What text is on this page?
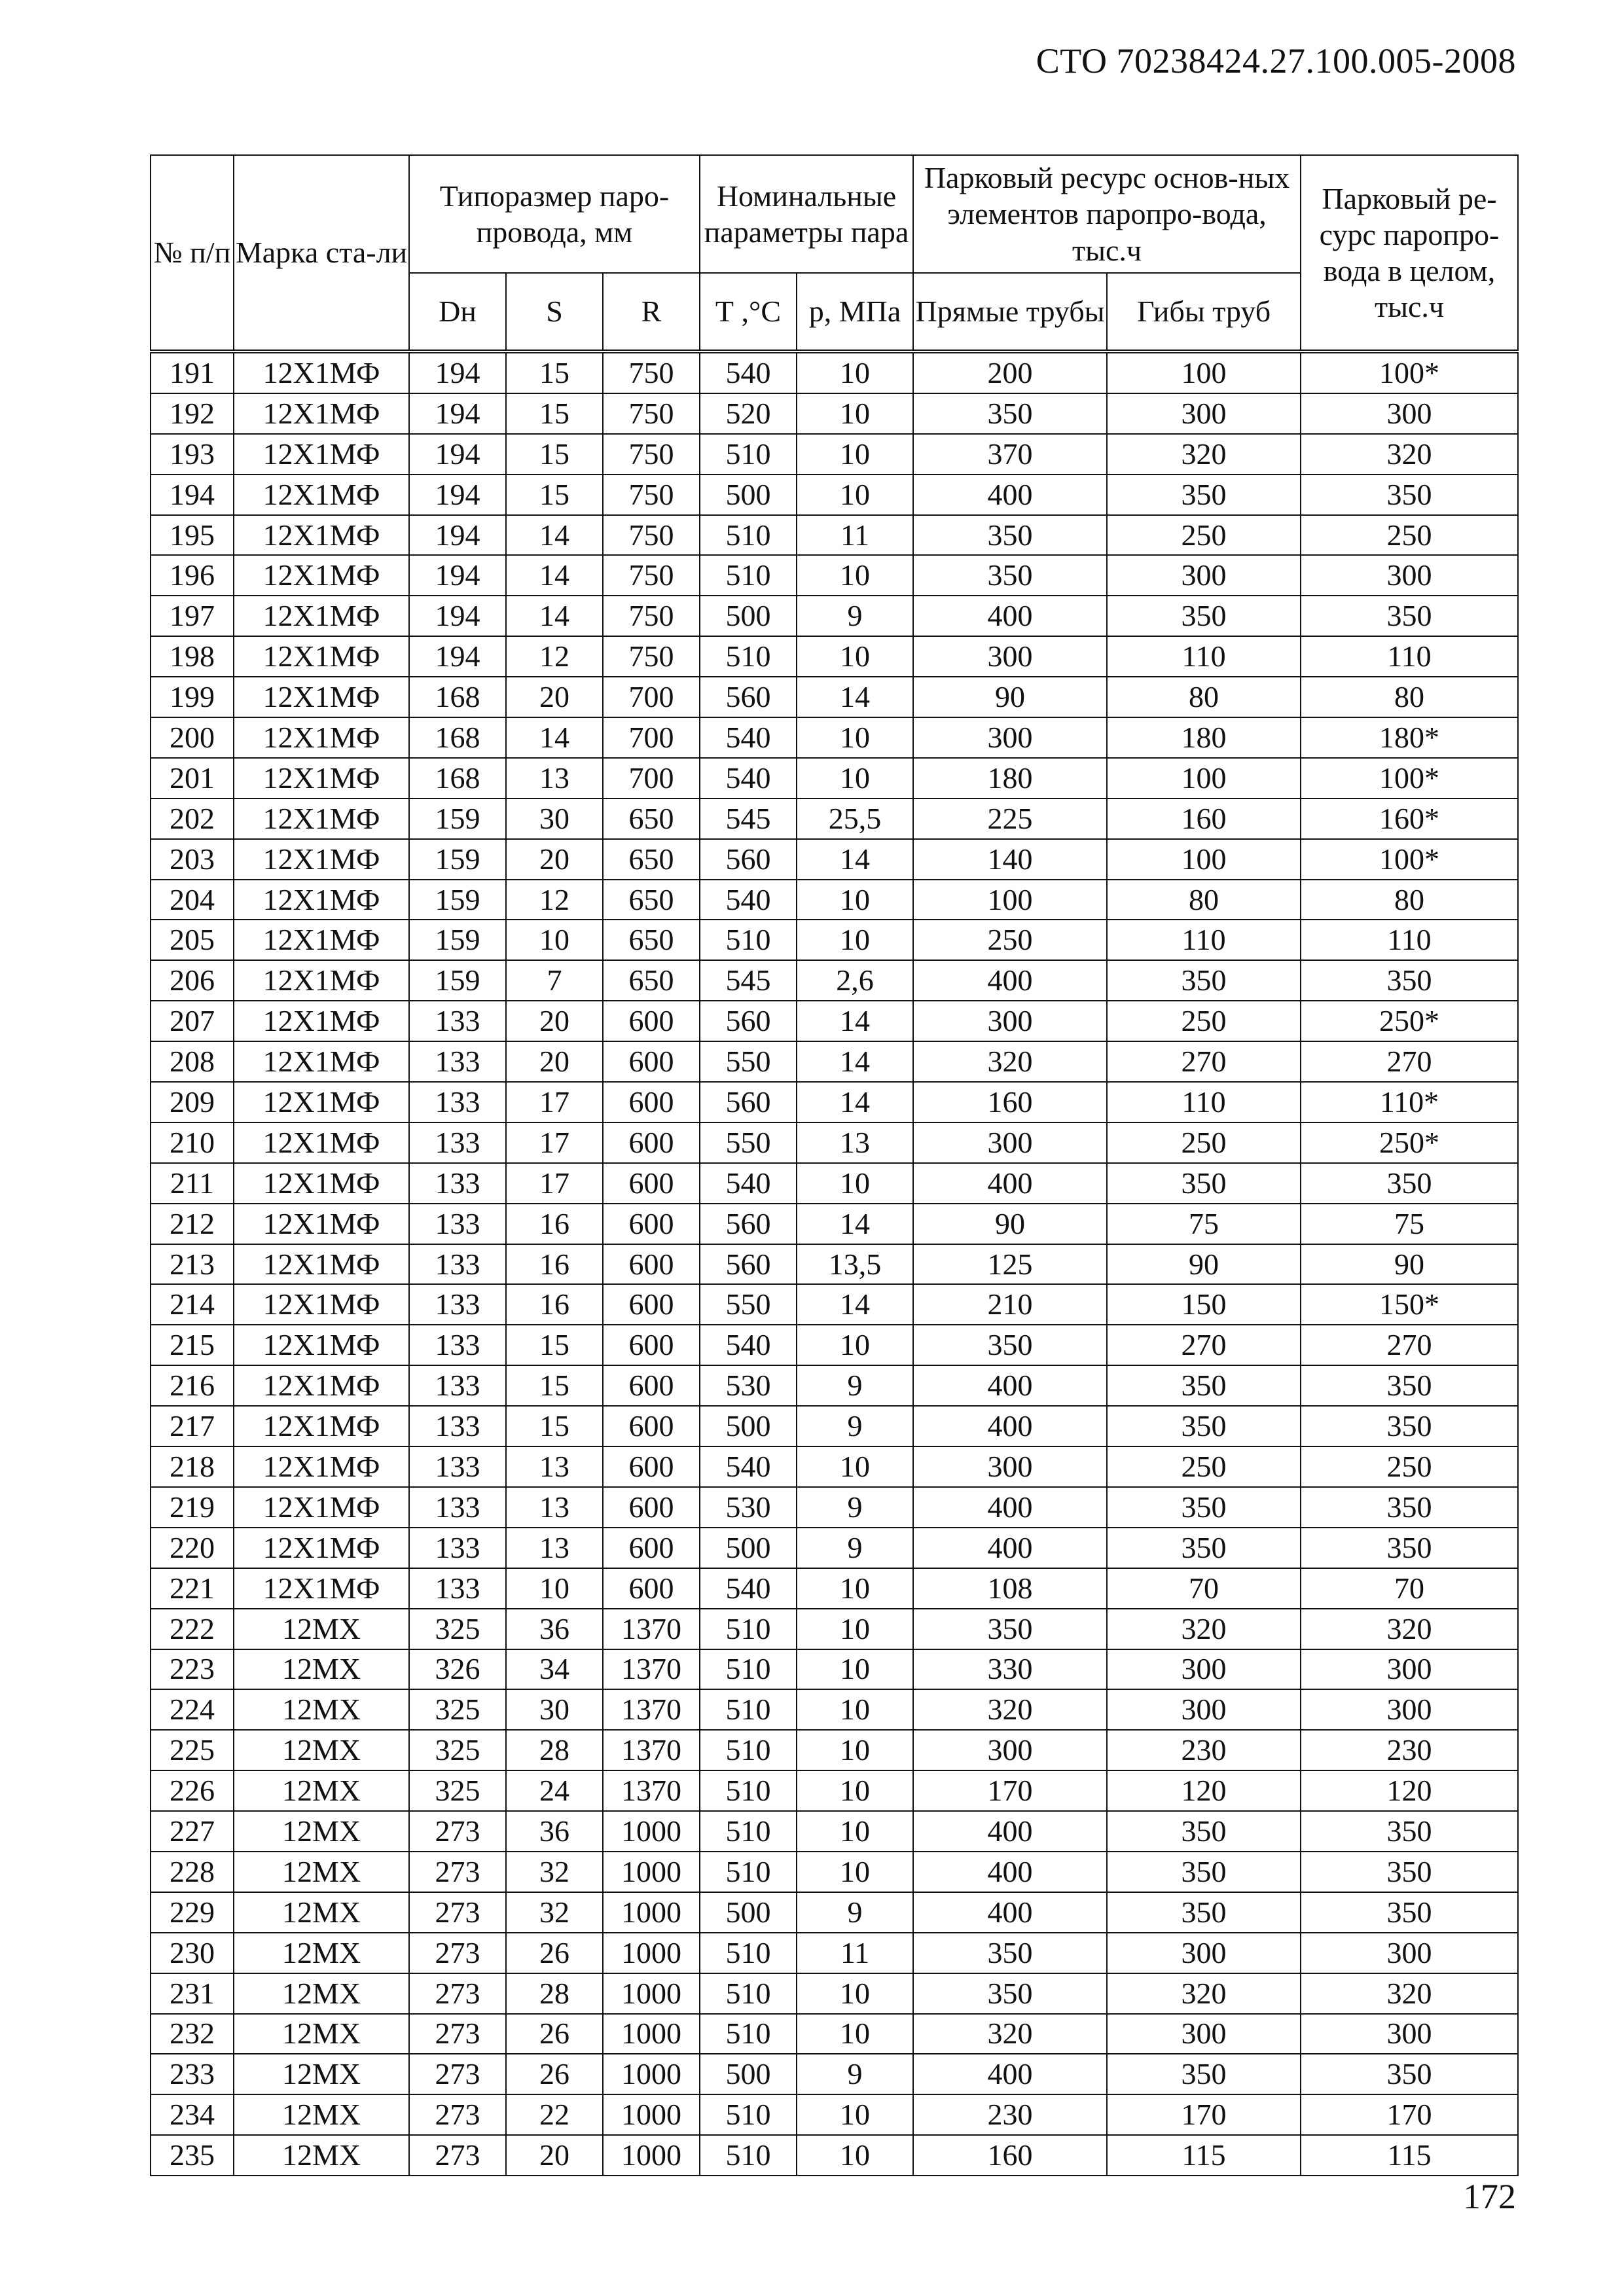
СТО 70238424.27.100.005-2008
№ п/п	Марка ста-ли	Типоразмер паро-провода, мм			Номинальные параметры пара		Парковый ресурс основ-ных элементов паропро-вода, тыс.ч		Парковый ре-сурс паропро-вода в целом, тыс.ч
		Dн	S	R	Т ,°С	р, МПа	Прямые трубы	Гибы труб	
191	12Х1МФ	194	15	750	540	10	200	100	100*
192	12Х1МФ	194	15	750	520	10	350	300	300
193	12Х1МФ	194	15	750	510	10	370	320	320
194	12Х1МФ	194	15	750	500	10	400	350	350
195	12Х1МФ	194	14	750	510	11	350	250	250
196	12Х1МФ	194	14	750	510	10	350	300	300
197	12Х1МФ	194	14	750	500	9	400	350	350
198	12Х1МФ	194	12	750	510	10	300	110	110
199	12Х1МФ	168	20	700	560	14	90	80	80
200	12Х1МФ	168	14	700	540	10	300	180	180*
201	12Х1МФ	168	13	700	540	10	180	100	100*
202	12Х1МФ	159	30	650	545	25,5	225	160	160*
203	12Х1МФ	159	20	650	560	14	140	100	100*
204	12Х1МФ	159	12	650	540	10	100	80	80
205	12Х1МФ	159	10	650	510	10	250	110	110
206	12Х1МФ	159	7	650	545	2,6	400	350	350
207	12Х1МФ	133	20	600	560	14	300	250	250*
208	12Х1МФ	133	20	600	550	14	320	270	270
209	12Х1МФ	133	17	600	560	14	160	110	110*
210	12Х1МФ	133	17	600	550	13	300	250	250*
211	12Х1МФ	133	17	600	540	10	400	350	350
212	12Х1МФ	133	16	600	560	14	90	75	75
213	12Х1МФ	133	16	600	560	13,5	125	90	90
214	12Х1МФ	133	16	600	550	14	210	150	150*
215	12Х1МФ	133	15	600	540	10	350	270	270
216	12Х1МФ	133	15	600	530	9	400	350	350
217	12Х1МФ	133	15	600	500	9	400	350	350
218	12Х1МФ	133	13	600	540	10	300	250	250
219	12Х1МФ	133	13	600	530	9	400	350	350
220	12Х1МФ	133	13	600	500	9	400	350	350
221	12Х1МФ	133	10	600	540	10	108	70	70
222	12МХ	325	36	1370	510	10	350	320	320
223	12МХ	326	34	1370	510	10	330	300	300
224	12МХ	325	30	1370	510	10	320	300	300
225	12МХ	325	28	1370	510	10	300	230	230
226	12МХ	325	24	1370	510	10	170	120	120
227	12МХ	273	36	1000	510	10	400	350	350
228	12МХ	273	32	1000	510	10	400	350	350
229	12МХ	273	32	1000	500	9	400	350	350
230	12МХ	273	26	1000	510	11	350	300	300
231	12МХ	273	28	1000	510	10	350	320	320
232	12МХ	273	26	1000	510	10	320	300	300
233	12МХ	273	26	1000	500	9	400	350	350
234	12МХ	273	22	1000	510	10	230	170	170
235	12МХ	273	20	1000	510	10	160	115	115
172
